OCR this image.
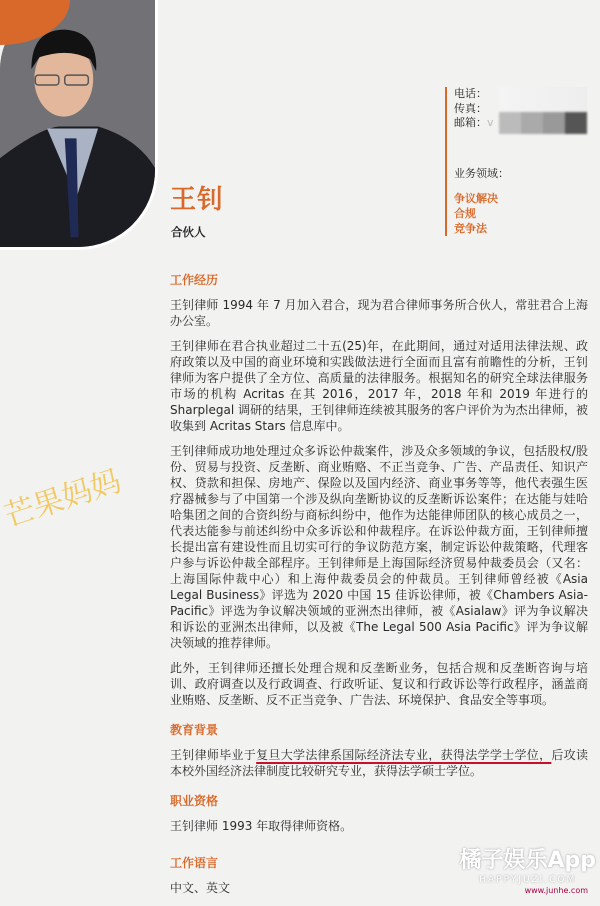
王钊
合伙人
电话：
传真：
邮箱：v
业务领域：
争议解决
合规
竞争法
芒果妈妈
工作经历

王钊律师 1994 年 7 月加入君合，现为君合律师事务所合伙人，常驻君合上海办公室。

王钊律师在君合执业超过二十五(25)年，在此期间，通过对适用法律法规、政府政策以及中国的商业环境和实践做法进行全面而且富有前瞻性的分析，王钊律师为客户提供了全方位、高质量的法律服务。根据知名的研究全球法律服务市场的机构 Acritas 在其 2016，2017 年，2018 年和 2019 年进行的 Sharplegal 调研的结果，王钊律师连续被其服务的客户评价为为杰出律师，被收集到 Acritas Stars 信息库中。

王钊律师成功地处理过众多诉讼仲裁案件，涉及众多领域的争议，包括股权/股份、贸易与投资、反垄断、商业贿赂、不正当竞争、广告、产品责任、知识产权、贷款和担保、房地产、保险以及国内经济、商业事务等等，他代表强生医疗器械参与了中国第一个涉及纵向垄断协议的反垄断诉讼案件；在达能与娃哈哈集团之间的合资纠纷与商标纠纷中，他作为达能律师团队的核心成员之一，代表达能参与前述纠纷中众多诉讼和仲裁程序。在诉讼仲裁方面，王钊律师擅长提出富有建设性而且切实可行的争议防范方案，制定诉讼仲裁策略，代理客户参与诉讼仲裁全部程序。王钊律师是上海国际经济贸易仲裁委员会（又名：上海国际仲裁中心）和上海仲裁委员会的仲裁员。王钊律师曾经被《Asia Legal Business》评选为 2020 中国 15 佳诉讼律师，被《Chambers Asia-Pacific》评选为争议解决领域的亚洲杰出律师，被《Asialaw》评为争议解决和诉讼的亚洲杰出律师，以及被《The Legal 500 Asia Pacific》评为争议解决领域的推荐律师。

此外，王钊律师还擅长处理合规和反垄断业务，包括合规和反垄断咨询与培训、政府调查以及行政调查、行政听证、复议和行政诉讼等行政程序，涵盖商业贿赂、反垄断、反不正当竞争、广告法、环境保护、食品安全等事项。

教育背景

王钊律师毕业于复旦大学法律系国际经济法专业，获得法学学士学位，后攻读本校外国经济法律制度比较研究专业，获得法学硕士学位。

职业资格

王钊律师 1993 年取得律师资格。

工作语言

中文、英文

橘子娱乐App
HAPPYJUZI.COM
www.junhe.com
